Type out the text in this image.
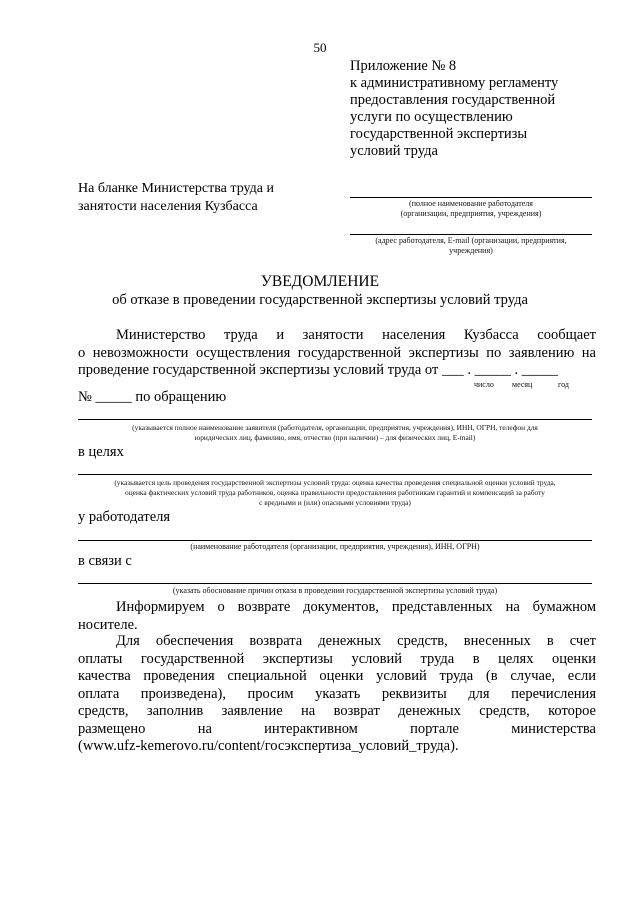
50
Приложение № 8
к административному регламенту
предоставления государственной
услуги по осуществлению
государственной экспертизы
условий труда
На бланке Министерства труда и
занятости населения Кузбасса	(полное наименование работодателя
(организации, предприятия, учреждения)
(адрес работодателя, E-mail (организации, предприятия,
учреждения)
УВЕДОМЛЕНИЕ
об отказе в проведении государственной экспертизы условий труда
Министерство труда и занятости населения Кузбасса сообщает
о невозможности осуществления государственной экспертизы по заявлению на
проведение государственной экспертизы условий труда от ___ . _____ . _____
число месяц	год
№ _____ по обращению
(указывается полное наименование заявителя (работодателя, организации, предприятия, учреждения), ИНН, ОГРН, телефон для
юридических лиц, фамилию, имя, отчество (при наличии) – для физических лиц, E-mail)
в целях
(указывается цель проведения государственной экспертизы условий труда: оценка качества проведения специальной оценки условий труда,
оценка фактических условий труда работников, оценка правильности предоставления работникам гарантий и компенсаций за работу
с вредными и (или) опасными условиями труда)
у работодателя
(наименование работодателя (организации, предприятия, учреждения), ИНН, ОГРН)
в связи с
(указать обоснование причин отказа в проведении государственной экспертизы условий труда)
Информируем о возврате документов, представленных на бумажном
носителе.
Для обеспечения возврата денежных средств, внесенных в счет
оплаты государственной экспертизы условий труда в целях оценки
качества проведения специальной оценки условий труда (в случае, если
оплата произведена), просим указать реквизиты для перечисления
средств, заполнив заявление на возврат денежных средств, которое
размещено на интерактивном портале министерства
(www.ufz-kemerovo.ru/content/госэкспертиза_условий_труда).
